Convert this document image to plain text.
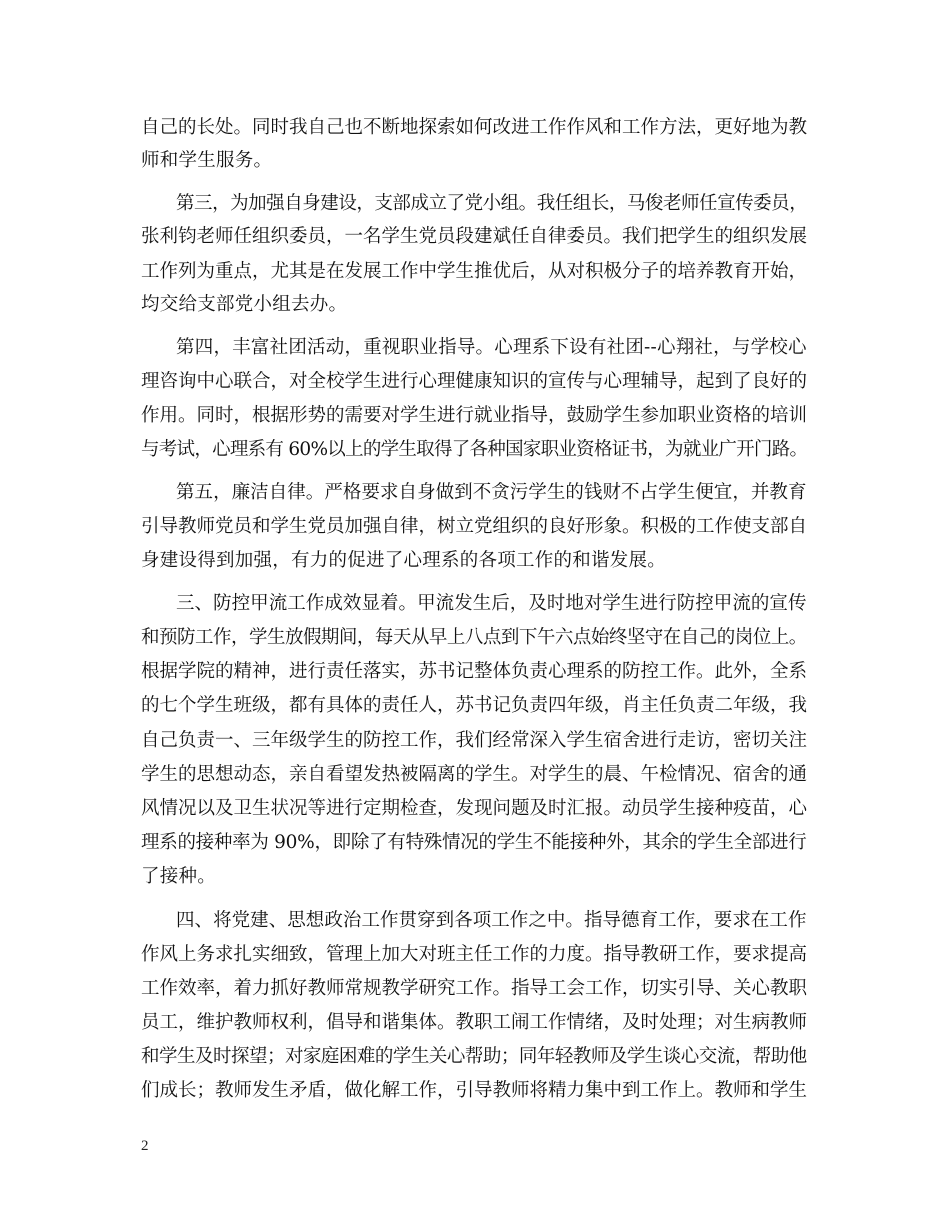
自己的长处。同时我自己也不断地探索如何改进工作作风和工作方法，更好地为教
师和学生服务。
第三，为加强自身建设，支部成立了党小组。我任组长，马俊老师任宣传委员，
张利钧老师任组织委员，一名学生党员段建斌任自律委员。我们把学生的组织发展
工作列为重点，尤其是在发展工作中学生推优后，从对积极分子的培养教育开始，
均交给支部党小组去办。
第四，丰富社团活动，重视职业指导。心理系下设有社团--心翔社，与学校心
理咨询中心联合，对全校学生进行心理健康知识的宣传与心理辅导，起到了良好的
作用。同时，根据形势的需要对学生进行就业指导，鼓励学生参加职业资格的培训
与考试，心理系有 60%以上的学生取得了各种国家职业资格证书，为就业广开门路。
第五，廉洁自律。严格要求自身做到不贪污学生的钱财不占学生便宜，并教育
引导教师党员和学生党员加强自律，树立党组织的良好形象。积极的工作使支部自
身建设得到加强，有力的促进了心理系的各项工作的和谐发展。
三、防控甲流工作成效显着。甲流发生后，及时地对学生进行防控甲流的宣传
和预防工作，学生放假期间，每天从早上八点到下午六点始终坚守在自己的岗位上。
根据学院的精神，进行责任落实，苏书记整体负责心理系的防控工作。此外，全系
的七个学生班级，都有具体的责任人，苏书记负责四年级，肖主任负责二年级，我
自己负责一、三年级学生的防控工作，我们经常深入学生宿舍进行走访，密切关注
学生的思想动态，亲自看望发热被隔离的学生。对学生的晨、午检情况、宿舍的通
风情况以及卫生状况等进行定期检查，发现问题及时汇报。动员学生接种疫苗，心
理系的接种率为 90%，即除了有特殊情况的学生不能接种外，其余的学生全部进行
了接种。
四、将党建、思想政治工作贯穿到各项工作之中。指导德育工作，要求在工作
作风上务求扎实细致，管理上加大对班主任工作的力度。指导教研工作，要求提高
工作效率，着力抓好教师常规教学研究工作。指导工会工作，切实引导、关心教职
员工，维护教师权利，倡导和谐集体。教职工闹工作情绪，及时处理；对生病教师
和学生及时探望；对家庭困难的学生关心帮助；同年轻教师及学生谈心交流，帮助他
们成长；教师发生矛盾，做化解工作，引导教师将精力集中到工作上。教师和学生
2
